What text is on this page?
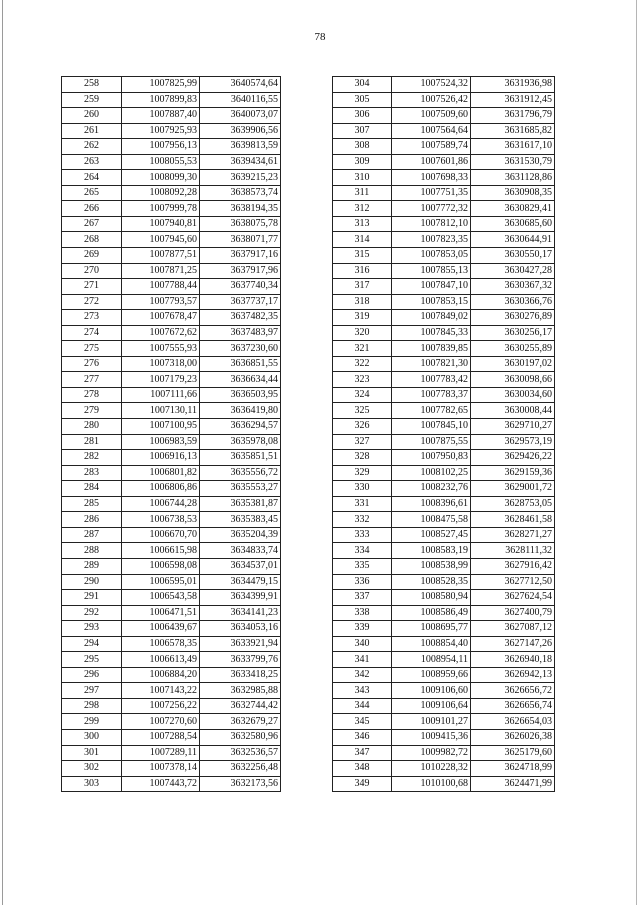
78
258	1007825,99	3640574,64
259	1007899,83	3640116,55
260	1007887,40	3640073,07
261	1007925,93	3639906,56
262	1007956,13	3639813,59
263	1008055,53	3639434,61
264	1008099,30	3639215,23
265	1008092,28	3638573,74
266	1007999,78	3638194,35
267	1007940,81	3638075,78
268	1007945,60	3638071,77
269	1007877,51	3637917,16
270	1007871,25	3637917,96
271	1007788,44	3637740,34
272	1007793,57	3637737,17
273	1007678,47	3637482,35
274	1007672,62	3637483,97
275	1007555,93	3637230,60
276	1007318,00	3636851,55
277	1007179,23	3636634,44
278	1007111,66	3636503,95
279	1007130,11	3636419,80
280	1007100,95	3636294,57
281	1006983,59	3635978,08
282	1006916,13	3635851,51
283	1006801,82	3635556,72
284	1006806,86	3635553,27
285	1006744,28	3635381,87
286	1006738,53	3635383,45
287	1006670,70	3635204,39
288	1006615,98	3634833,74
289	1006598,08	3634537,01
290	1006595,01	3634479,15
291	1006543,58	3634399,91
292	1006471,51	3634141,23
293	1006439,67	3634053,16
294	1006578,35	3633921,94
295	1006613,49	3633799,76
296	1006884,20	3633418,25
297	1007143,22	3632985,88
298	1007256,22	3632744,42
299	1007270,60	3632679,27
300	1007288,54	3632580,96
301	1007289,11	3632536,57
302	1007378,14	3632256,48
303	1007443,72	3632173,56
304	1007524,32	3631936,98
305	1007526,42	3631912,45
306	1007509,60	3631796,79
307	1007564,64	3631685,82
308	1007589,74	3631617,10
309	1007601,86	3631530,79
310	1007698,33	3631128,86
311	1007751,35	3630908,35
312	1007772,32	3630829,41
313	1007812,10	3630685,60
314	1007823,35	3630644,91
315	1007853,05	3630550,17
316	1007855,13	3630427,28
317	1007847,10	3630367,32
318	1007853,15	3630366,76
319	1007849,02	3630276,89
320	1007845,33	3630256,17
321	1007839,85	3630255,89
322	1007821,30	3630197,02
323	1007783,42	3630098,66
324	1007783,37	3630034,60
325	1007782,65	3630008,44
326	1007845,10	3629710,27
327	1007875,55	3629573,19
328	1007950,83	3629426,22
329	1008102,25	3629159,36
330	1008232,76	3629001,72
331	1008396,61	3628753,05
332	1008475,58	3628461,58
333	1008527,45	3628271,27
334	1008583,19	3628111,32
335	1008538,99	3627916,42
336	1008528,35	3627712,50
337	1008580,94	3627624,54
338	1008586,49	3627400,79
339	1008695,77	3627087,12
340	1008854,40	3627147,26
341	1008954,11	3626940,18
342	1008959,66	3626942,13
343	1009106,60	3626656,72
344	1009106,64	3626656,74
345	1009101,27	3626654,03
346	1009415,36	3626026,38
347	1009982,72	3625179,60
348	1010228,32	3624718,99
349	1010100,68	3624471,99
